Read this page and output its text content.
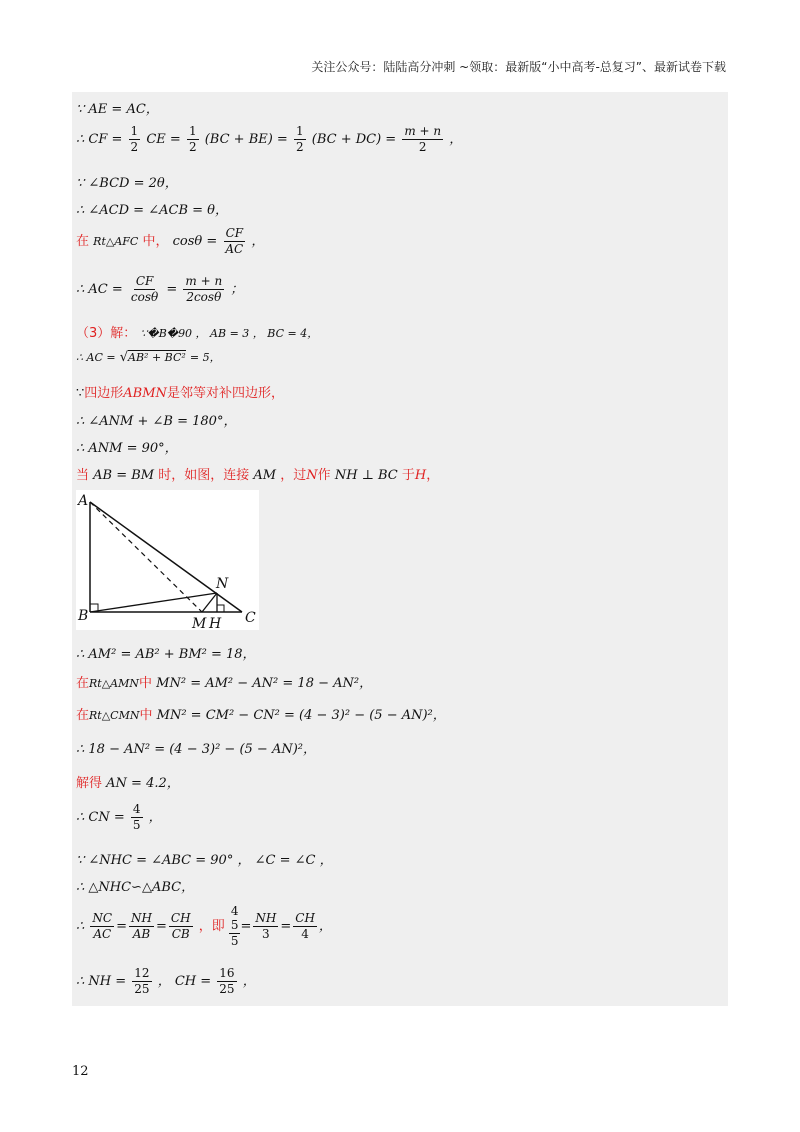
关注公众号：陆陆高分冲刺 ~领取：最新版“小中高考-总复习”、最新试卷下载
∵ AE = AC，
∴ CF = $\frac{1}{2}$ CE = $\frac{1}{2} (BC + BE) = \frac{1}{2} (BC + DC) = \frac{m + n}{2}$ ，
∵ ∠BCD = 2θ，
∴ ∠ACD = ∠ACB = θ，
在 Rt△AFC 中， $\cos\theta = \frac{CF}{AC}$ ，
∴ AC = $\frac{CF}{\cos\theta} = \frac{m + n}{2\cos\theta}$ ；
（3）解： ∵�B�90 ， AB = 3 ， BC = 4，
∴ AC = √AB² + BC² = 5，
∵四边形ABMN是邻等对补四边形，
∴ ∠ANM + ∠B = 180°，
∴ ANM = 90°，
当 AB = BM 时，如图，连接 AM ，过N作 NH ⊥ BC 于H，
A
B	C
M H
N
∴ AM² = AB² + BM² = 18，
在Rt△AMN中 MN² = AM² − AN² = 18 − AN²，
在Rt△CMN中 MN² = CM² − CN² = (4 − 3)² − (5 − AN)²，
∴ 18 − AN² = (4 − 3)² − (5 − AN)²，
解得 AN = 4.2，
∴ CN = $\frac{4}{5}$ ，
∵ ∠NHC = ∠ABC = 90° ， ∠C = ∠C ，
∴ △NHC∽△ABC，
∴ $\frac{NC}{AC} = \frac{NH}{AB} = \frac{CH}{CB}$ ，即
4
$\frac{5}{5} = \frac{NH}{3} = \frac{CH}{4}$ ，
∴ NH = $\frac{12}{25}$ ， CH = $\frac{16}{25}$ ，
12
